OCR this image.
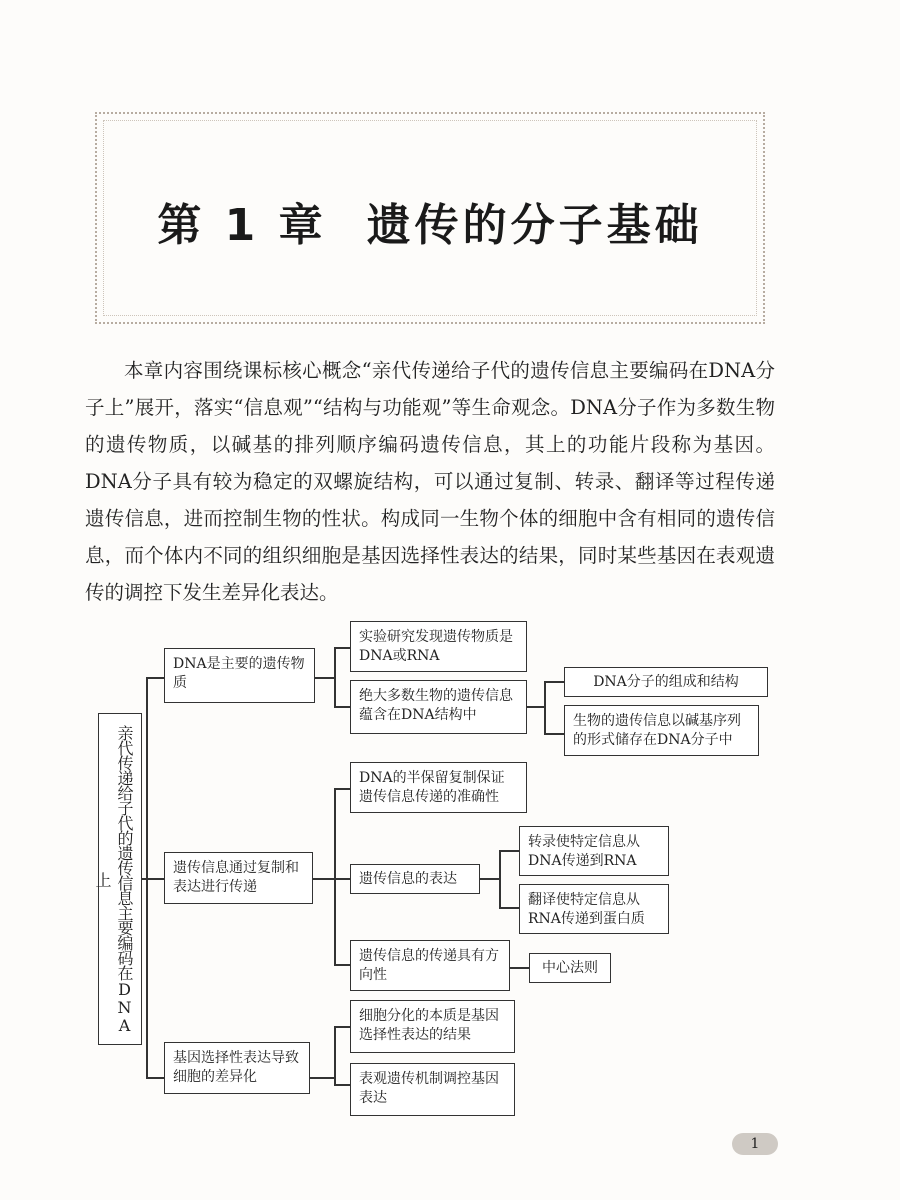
第 1 章 遗传的分子基础

本章内容围绕课标核心概念“亲代传递给子代的遗传信息主要编码在DNA分子上”展开，落实“信息观”“结构与功能观”等生命观念。DNA分子作为多数生物的遗传物质，以碱基的排列顺序编码遗传信息，其上的功能片段称为基因。DNA分子具有较为稳定的双螺旋结构，可以通过复制、转录、翻译等过程传递遗传信息，进而控制生物的性状。构成同一生物个体的细胞中含有相同的遗传信息，而个体内不同的组织细胞是基因选择性表达的结果，同时某些基因在表观遗传的调控下发生差异化表达。

亲代传递给子代的遗传信息主要编码在DNA上
DNA是主要的遗传物质
实验研究发现遗传物质是DNA或RNA
绝大多数生物的遗传信息蕴含在DNA结构中
DNA分子的组成和结构
生物的遗传信息以碱基序列的形式储存在DNA分子中
遗传信息通过复制和表达进行传递
DNA的半保留复制保证遗传信息传递的准确性
遗传信息的表达
转录使特定信息从DNA传递到RNA
翻译使特定信息从RNA传递到蛋白质
遗传信息的传递具有方向性	中心法则
基因选择性表达导致细胞的差异化
细胞分化的本质是基因选择性表达的结果
表观遗传机制调控基因表达
1
